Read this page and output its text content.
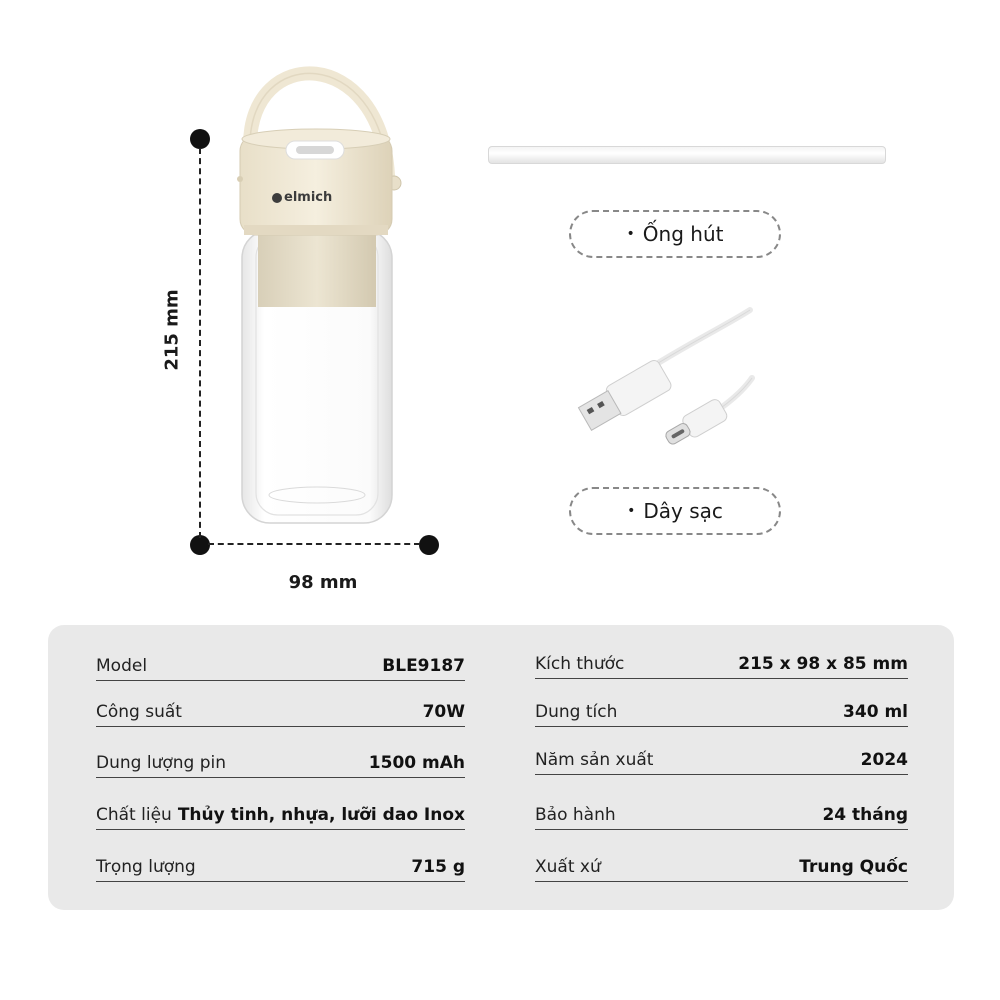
215 mm
98 mm
elmich
• Ống hút
• Dây sạc
Model	BLE9187
Công suất	70W
Dung lượng pin	1500 mAh
Chất liệu Thủy tinh, nhựa, lưỡi dao Inox
Trọng lượng	715 g
Kích thước	215 x 98 x 85 mm
Dung tích	340 ml
Năm sản xuất	2024
Bảo hành	24 tháng
Xuất xứ	Trung Quốc
